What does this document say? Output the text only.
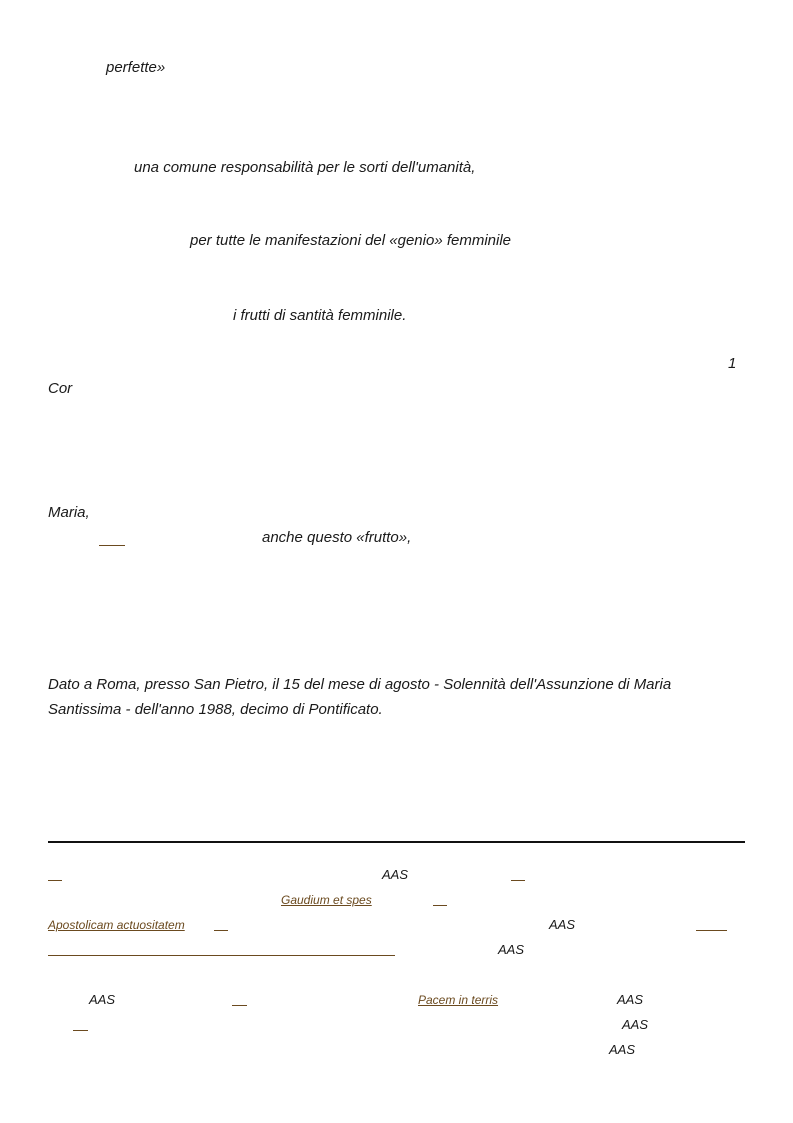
perfette»
una comune responsabilità per le sorti dell'umanità,
per tutte le manifestazioni del «genio» femminile
i frutti di santità femminile.
1
Cor
Maria,
anche questo «frutto»,
Dato a Roma, presso San Pietro, il 15 del mese di agosto - Solennità dell'Assunzione di Maria
Santissima - dell'anno 1988, decimo di Pontificato.
AAS
Gaudium et spes
Apostolicam actuositatem	AAS
AAS
AAS	Pacem in terris	AAS
AAS
AAS
